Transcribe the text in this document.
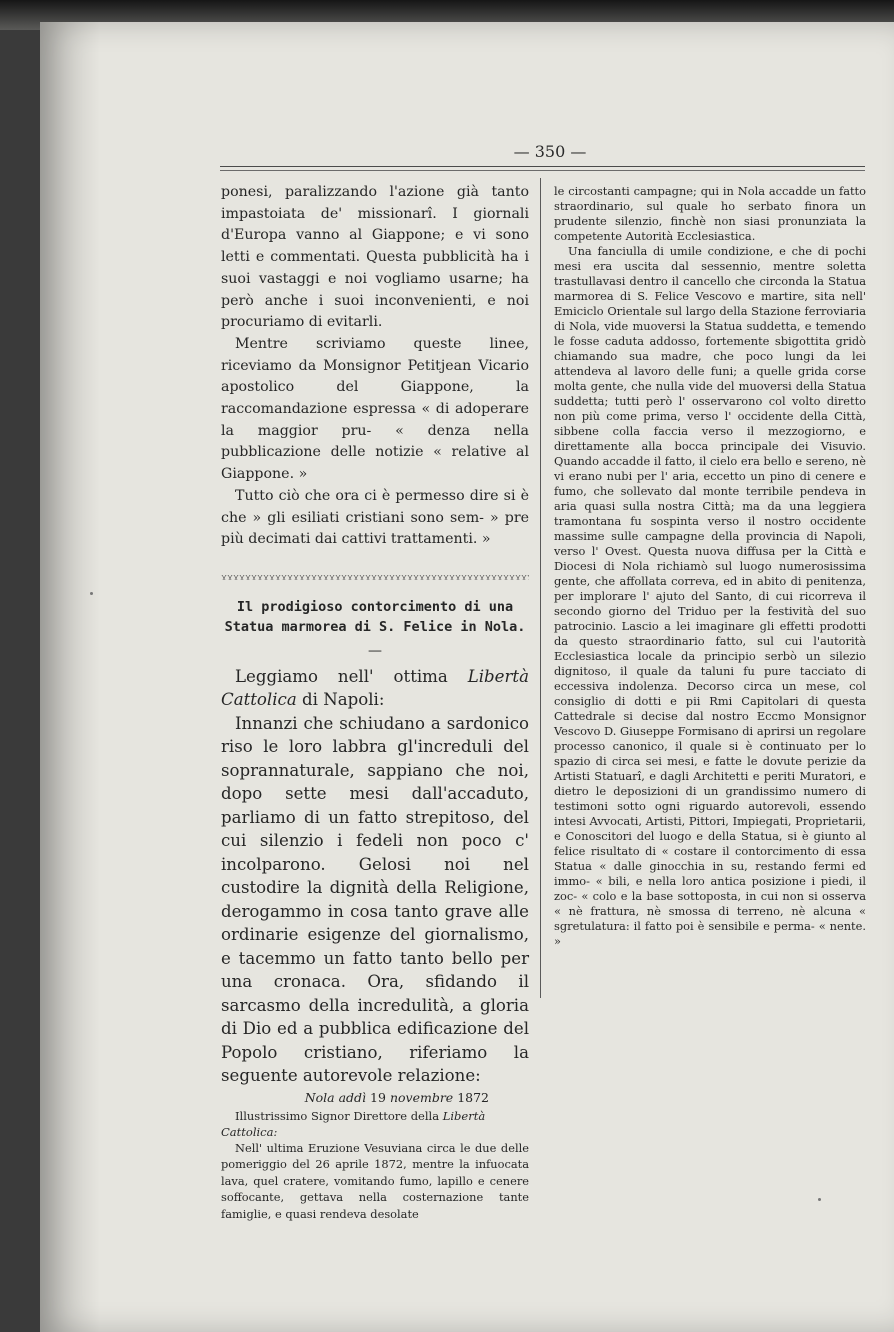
— 350 —

ponesi, paralizzando l'azione già tanto impastoiata de' missionarî. I giornali d'Europa vanno al Giappone; e vi sono letti e commentati. Questa pubblicità ha i suoi vastaggi e noi vogliamo usarne; ha però anche i suoi inconvenienti, e noi procuriamo di evitarli.

Mentre scriviamo queste linee, riceviamo da Monsignor Petitjean Vicario apostolico del Giappone, la raccomandazione espressa « di adoperare la maggior pru- « denza nella pubblicazione delle notizie « relative al Giappone. »

Tutto ciò che ora ci è permesso dire si è che » gli esiliati cristiani sono sem- » pre più decimati dai cattivi trattamenti. »

Il prodigioso contorcimento di una Statua marmorea di S. Felice in Nola.

—

Leggiamo nell' ottima Libertà Cattolica di Napoli:

Innanzi che schiudano a sardonico riso le loro labbra gl'increduli del soprannaturale, sappiano che noi, dopo sette mesi dall'accaduto, parliamo di un fatto strepitoso, del cui silenzio i fedeli non poco c' incolparono. Gelosi noi nel custodire la dignità della Religione, derogammo in cosa tanto grave alle ordinarie esigenze del giornalismo, e tacemmo un fatto tanto bello per una cronaca. Ora, sfidando il sarcasmo della incredulità, a gloria di Dio ed a pubblica edificazione del Popolo cristiano, riferiamo la seguente autorevole relazione:

Nola addì 19 novembre 1872

Illustrissimo Signor Direttore della Libertà Cattolica:

Nell' ultima Eruzione Vesuviana circa le due delle pomeriggio del 26 aprile 1872, mentre la infuocata lava, quel cratere, vomitando fumo, lapillo e cenere soffocante, gettava nella costernazione tante famiglie, e quasi rendeva desolate

le circostanti campagne; qui in Nola accadde un fatto straordinario, sul quale ho serbato finora un prudente silenzio, finchè non siasi pronunziata la competente Autorità Ecclesiastica.

Una fanciulla di umile condizione, e che di pochi mesi era uscita dal sessennio, mentre soletta trastullavasi dentro il cancello che circonda la Statua marmorea di S. Felice Vescovo e martire, sita nell' Emiciclo Orientale sul largo della Stazione ferroviaria di Nola, vide muoversi la Statua suddetta, e temendo le fosse caduta addosso, fortemente sbigottita gridò chiamando sua madre, che poco lungi da lei attendeva al lavoro delle funi; a quelle grida corse molta gente, che nulla vide del muoversi della Statua suddetta; tutti però l' osservarono col volto diretto non più come prima, verso l' occidente della Città, sibbene colla faccia verso il mezzogiorno, e direttamente alla bocca principale dei Visuvio. Quando accadde il fatto, il cielo era bello e sereno, nè vi erano nubi per l' aria, eccetto un pino di cenere e fumo, che sollevato dal monte terribile pendeva in aria quasi sulla nostra Città; ma da una leggiera tramontana fu sospinta verso il nostro occidente massime sulle campagne della provincia di Napoli, verso l' Ovest. Questa nuova diffusa per la Città e Diocesi di Nola richiamò sul luogo numerosissima gente, che affollata correva, ed in abito di penitenza, per implorare l' ajuto del Santo, di cui ricorreva il secondo giorno del Triduo per la festività del suo patrocinio. Lascio a lei imaginare gli effetti prodotti da questo straordinario fatto, sul cui l'autorità Ecclesiastica locale da principio serbò un silezio dignitoso, il quale da taluni fu pure tacciato di eccessiva indolenza. Decorso circa un mese, col consiglio di dotti e pii Rmi Capitolari di questa Cattedrale si decise dal nostro Eccmo Monsignor Vescovo D. Giuseppe Formisano di aprirsi un regolare processo canonico, il quale si è continuato per lo spazio di circa sei mesi, e fatte le dovute perizie da Artisti Statuarî, e dagli Architetti e periti Muratori, e dietro le deposizioni di un grandissimo numero di testimoni sotto ogni riguardo autorevoli, essendo intesi Avvocati, Artisti, Pittori, Impiegati, Proprietarii, e Conoscitori del luogo e della Statua, si è giunto al felice risultato di « costare il contorcimento di essa Statua « dalle ginocchia in su, restando fermi ed immo- « bili, e nella loro antica posizione i piedi, il zoc- « colo e la base sottoposta, in cui non si osserva « nè frattura, nè smossa di terreno, nè alcuna « sgretulatura: il fatto poi è sensibile e perma- « nente. »
